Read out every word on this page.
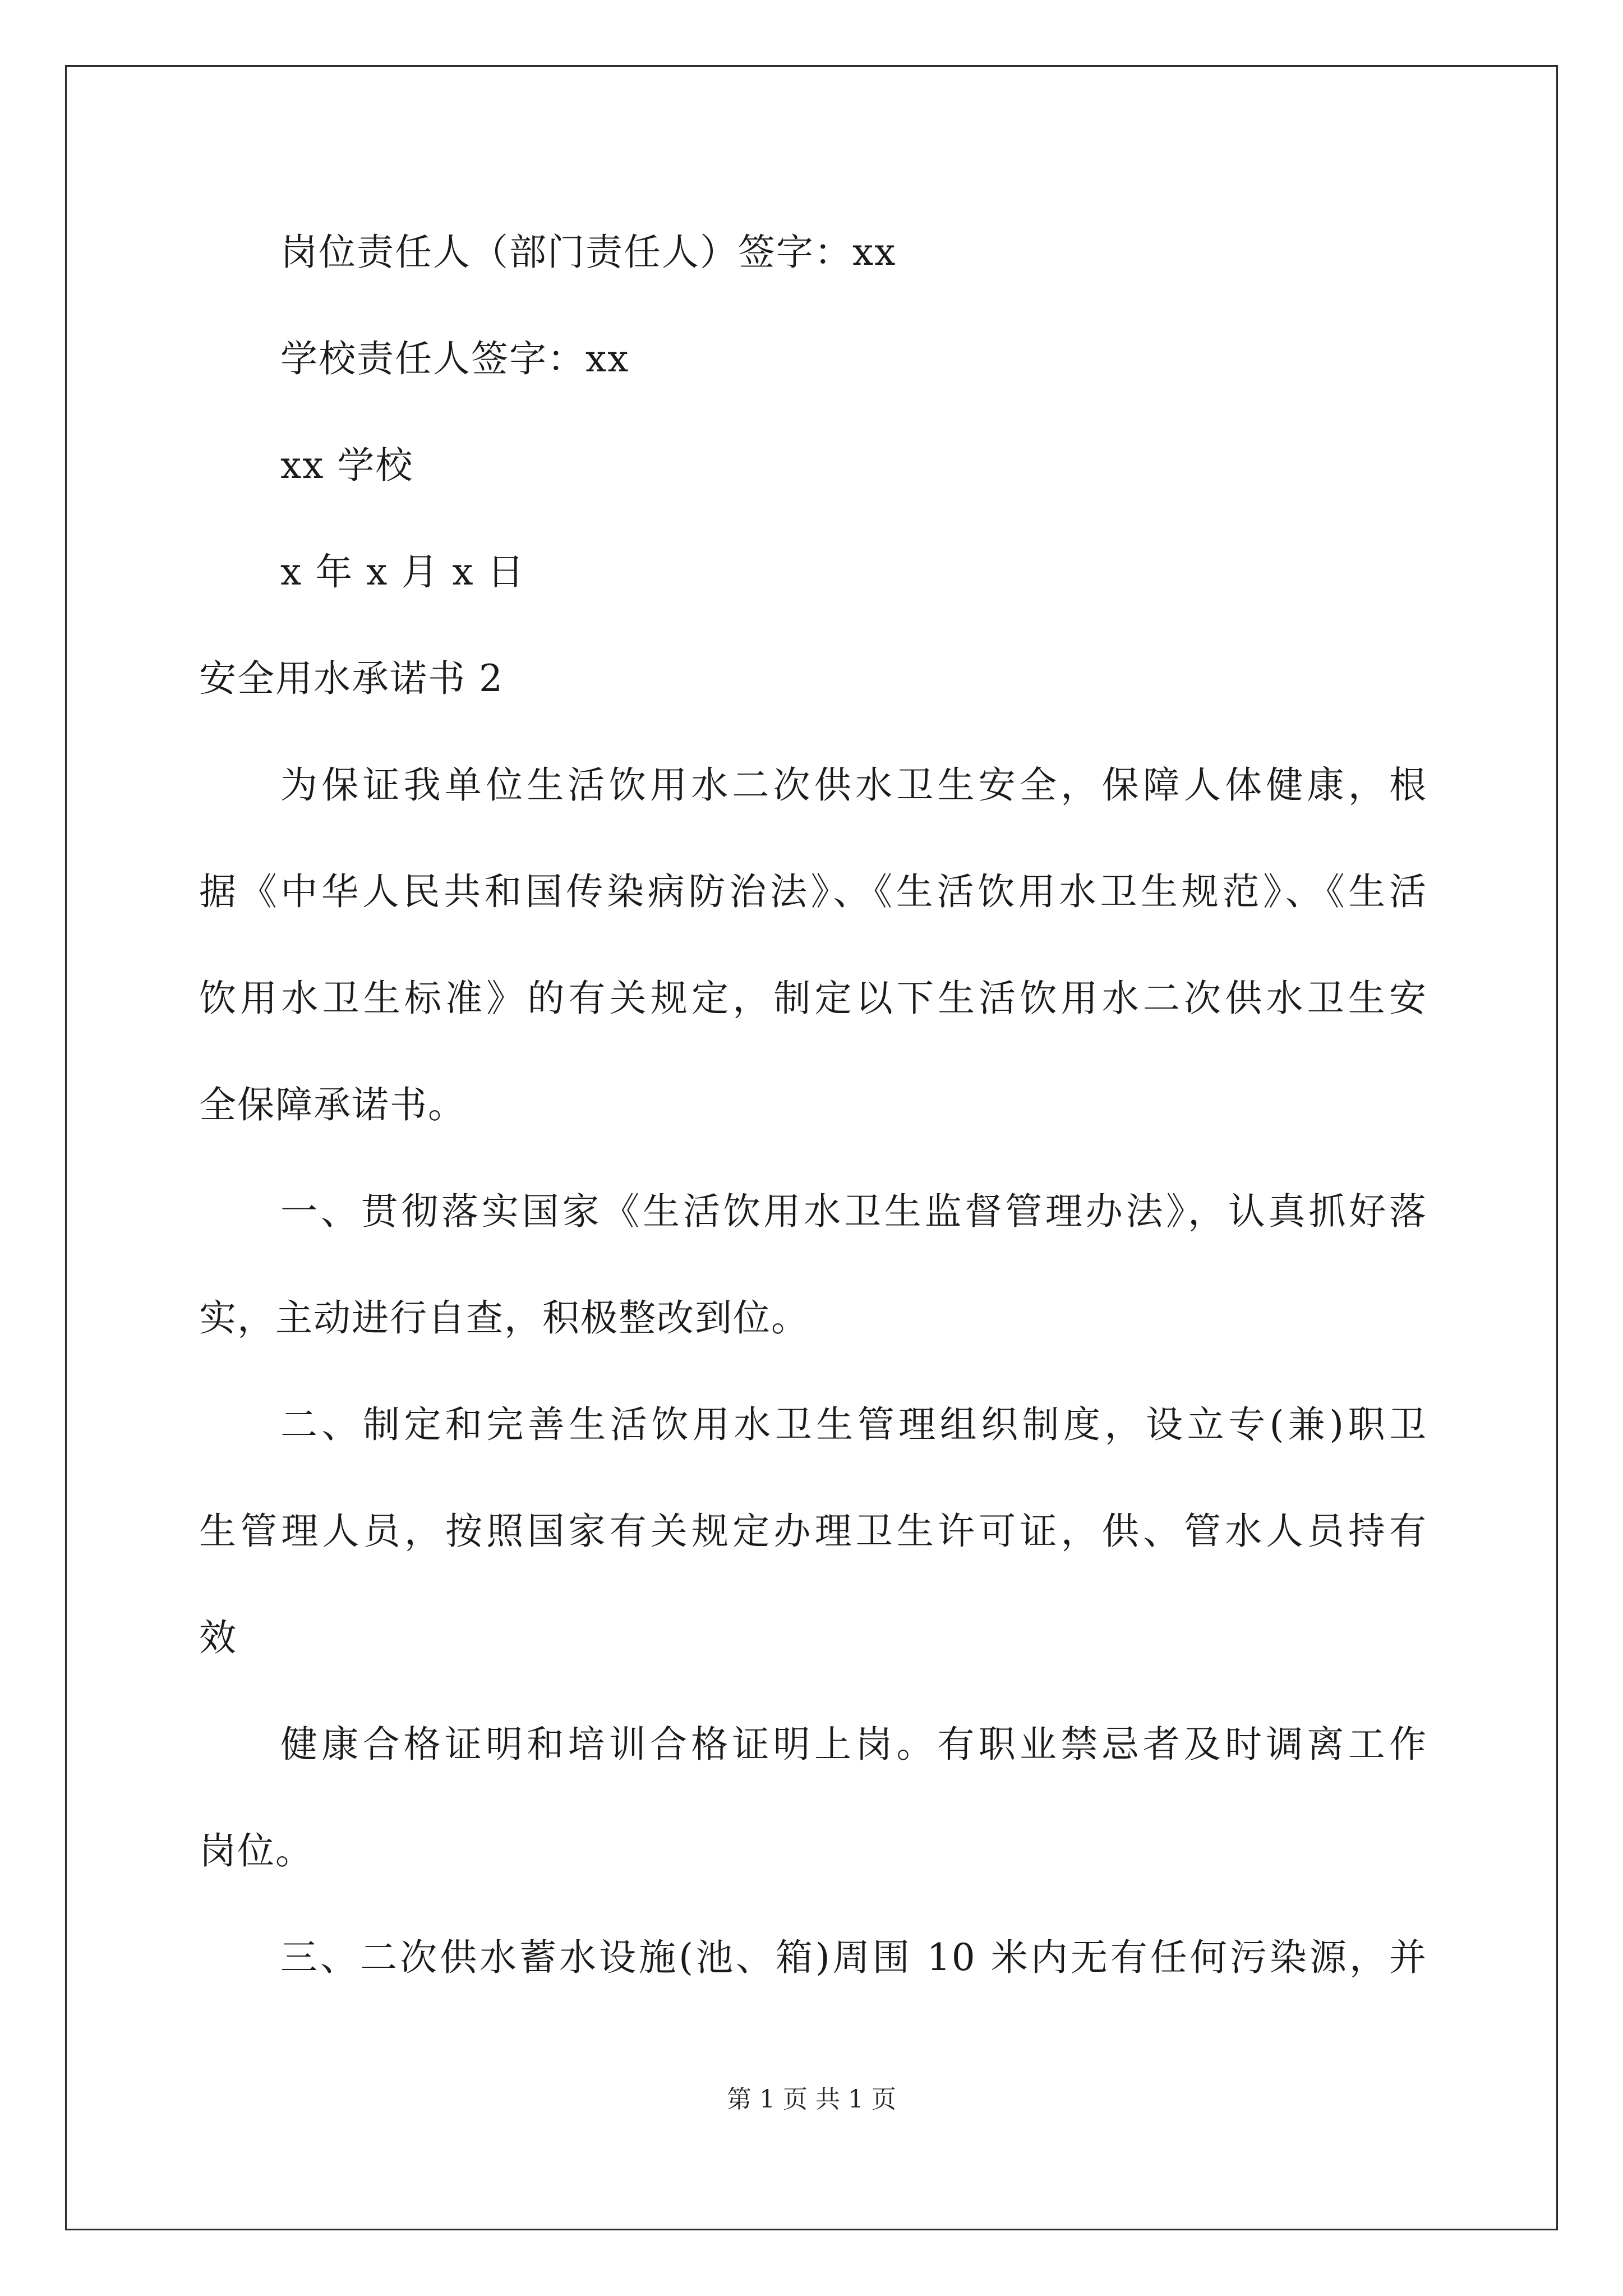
岗位责任人（部门责任人）签字：xx
学校责任人签字：xx
xx 学校
x 年 x 月 x 日
安全用水承诺书 2
为保证我单位生活饮用水二次供水卫生安全，保障人体健康，根
据《中华人民共和国传染病防治法》、《生活饮用水卫生规范》、《生活
饮用水卫生标准》的有关规定，制定以下生活饮用水二次供水卫生安
全保障承诺书。
一、贯彻落实国家《生活饮用水卫生监督管理办法》，认真抓好落
实，主动进行自查，积极整改到位。
二、制定和完善生活饮用水卫生管理组织制度，设立专(兼)职卫
生管理人员，按照国家有关规定办理卫生许可证，供、管水人员持有
效
健康合格证明和培训合格证明上岗。有职业禁忌者及时调离工作
岗位。
三、二次供水蓄水设施(池、箱)周围 10 米内无有任何污染源，并
第 1 页 共 1 页
